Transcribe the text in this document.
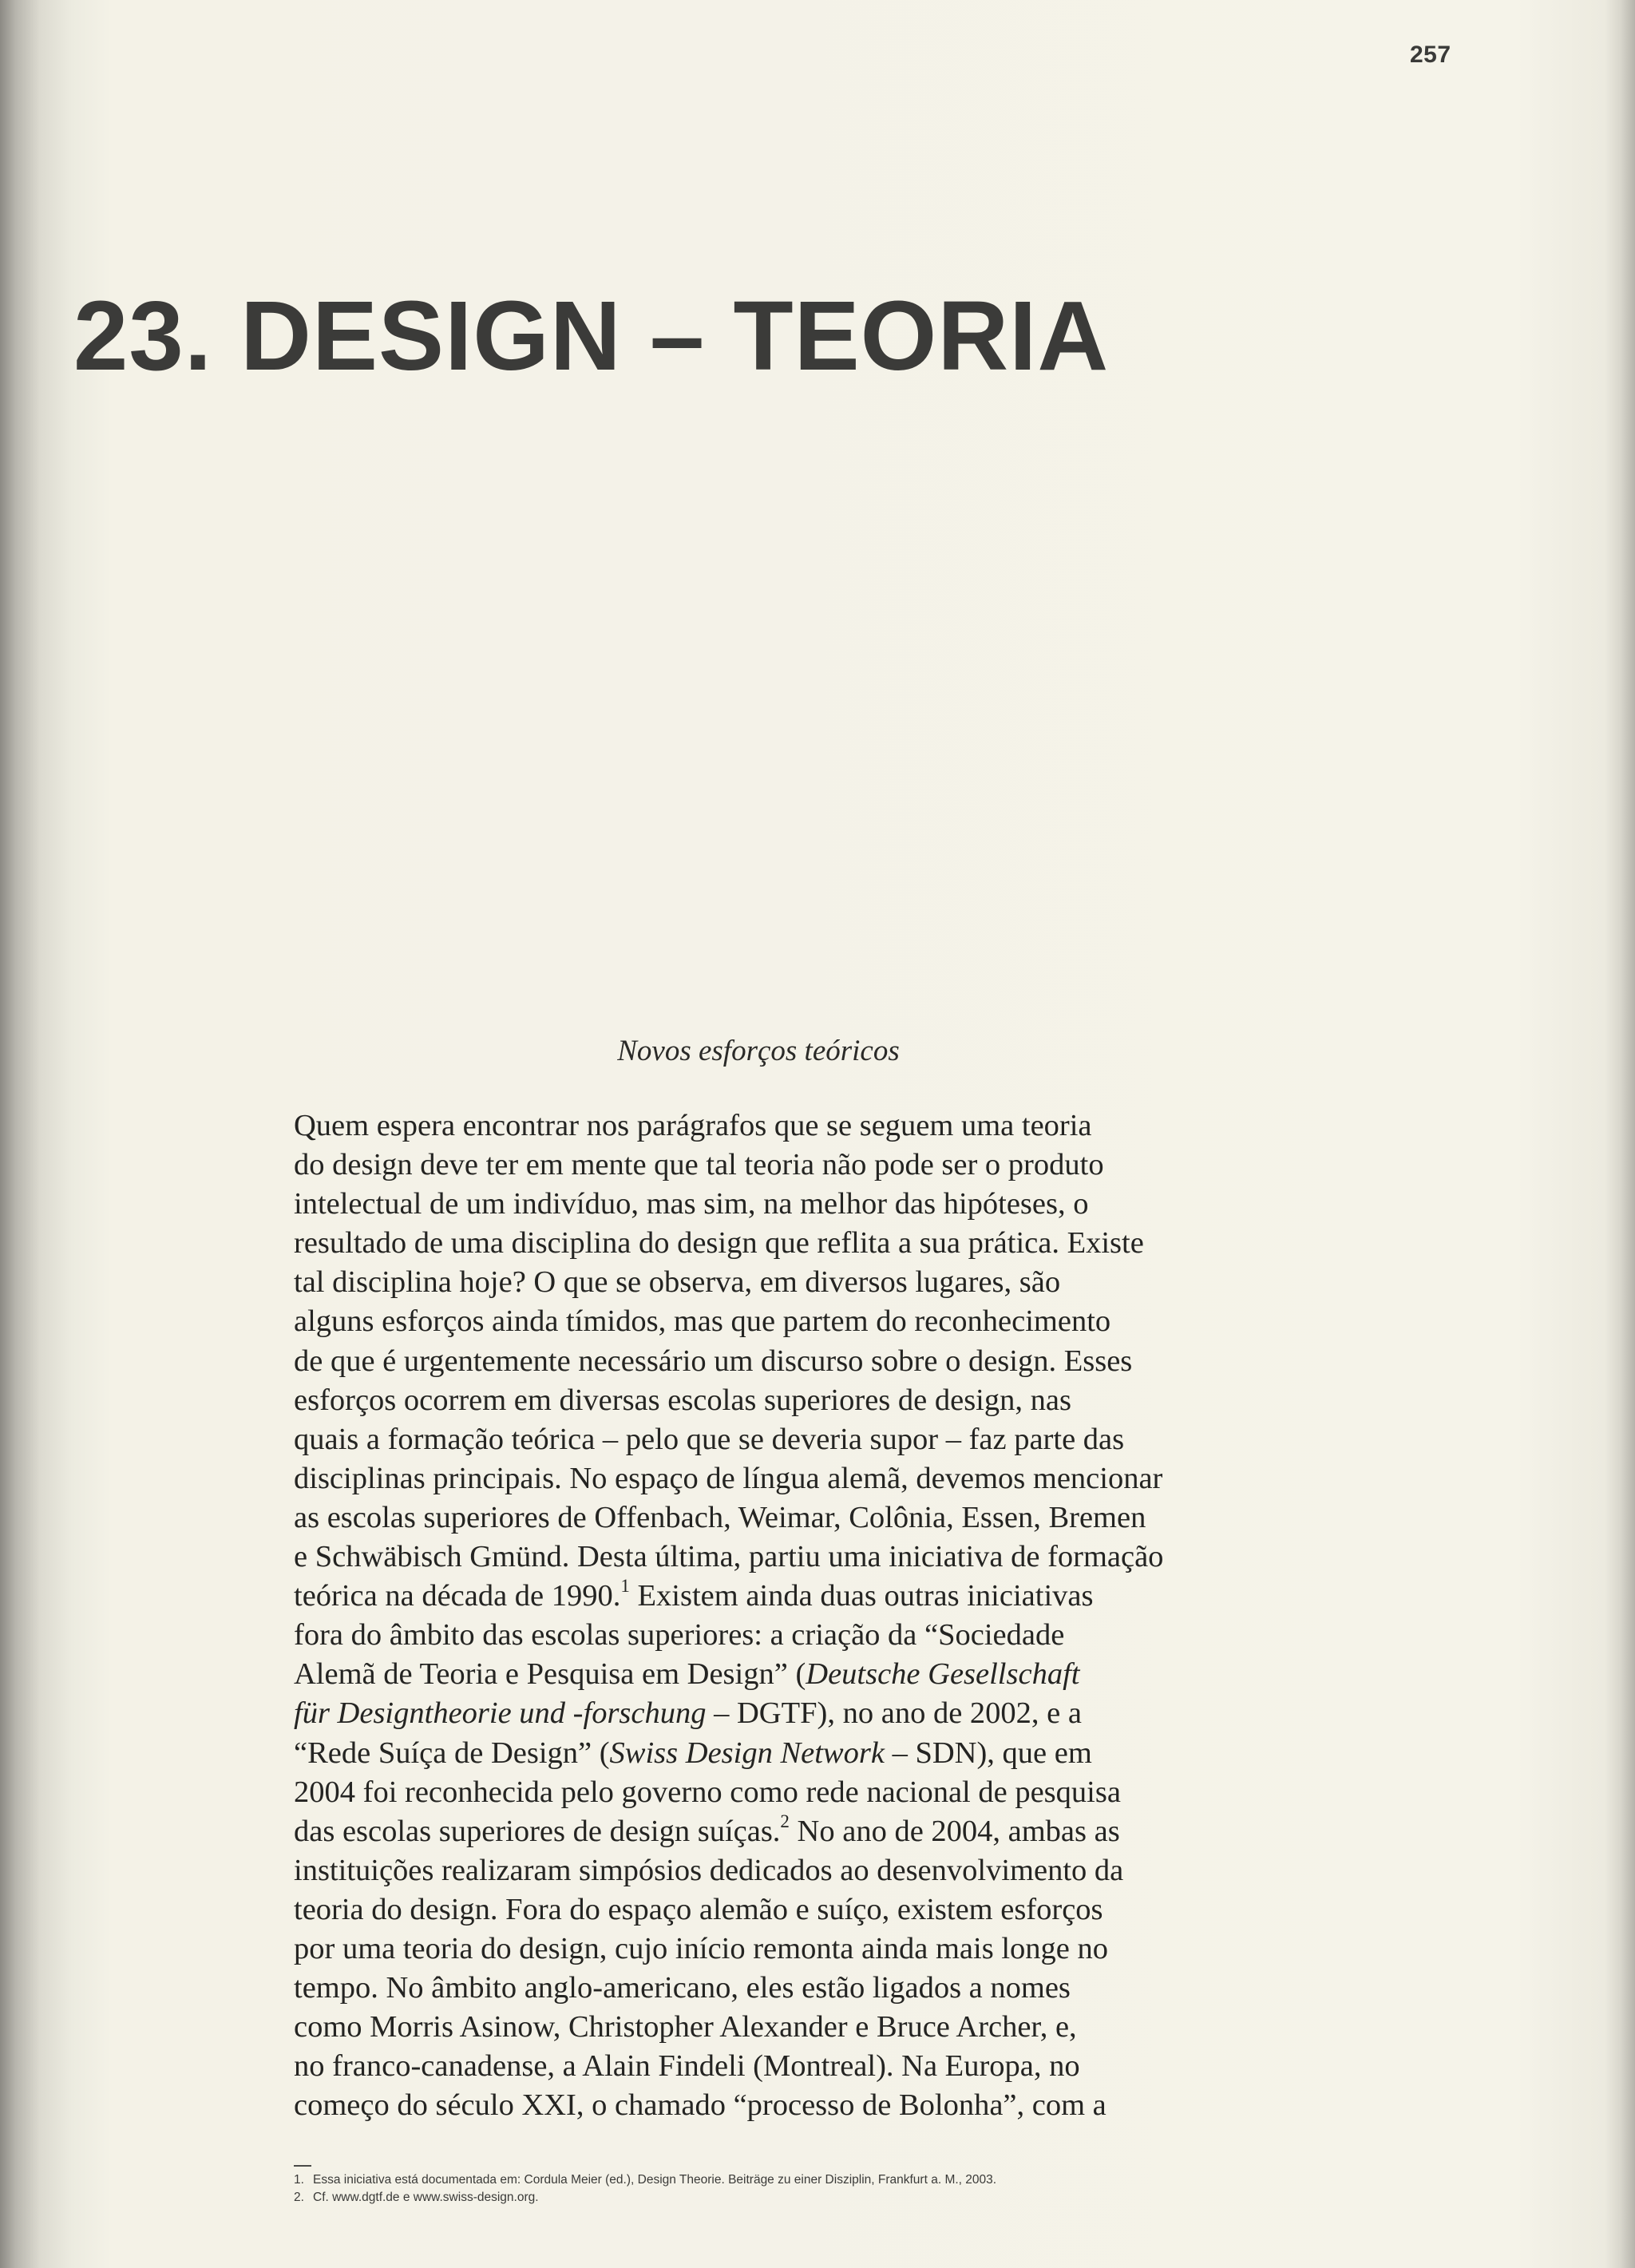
257
23. DESIGN – TEORIA
Novos esforços teóricos
Quem espera encontrar nos parágrafos que se seguem uma teoria
do design deve ter em mente que tal teoria não pode ser o produto
intelectual de um indivíduo, mas sim, na melhor das hipóteses, o
resultado de uma disciplina do design que reflita a sua prática. Existe
tal disciplina hoje? O que se observa, em diversos lugares, são
alguns esforços ainda tímidos, mas que partem do reconhecimento
de que é urgentemente necessário um discurso sobre o design. Esses
esforços ocorrem em diversas escolas superiores de design, nas
quais a formação teórica – pelo que se deveria supor – faz parte das
disciplinas principais. No espaço de língua alemã, devemos mencionar
as escolas superiores de Offenbach, Weimar, Colônia, Essen, Bremen
e Schwäbisch Gmünd. Desta última, partiu uma iniciativa de formação
teórica na década de 1990.$^1$ Existem ainda duas outras iniciativas
fora do âmbito das escolas superiores: a criação da “Sociedade
Alemã de Teoria e Pesquisa em Design” (Deutsche Gesellschaft
für Designtheorie und -forschung – DGTF), no ano de 2002, e a
“Rede Suíça de Design” (Swiss Design Network – SDN), que em
2004 foi reconhecida pelo governo como rede nacional de pesquisa
das escolas superiores de design suíças.$^2$ No ano de 2004, ambas as
instituições realizaram simpósios dedicados ao desenvolvimento da
teoria do design. Fora do espaço alemão e suíço, existem esforços
por uma teoria do design, cujo início remonta ainda mais longe no
tempo. No âmbito anglo-americano, eles estão ligados a nomes
como Morris Asinow, Christopher Alexander e Bruce Archer, e,
no franco-canadense, a Alain Findeli (Montreal). Na Europa, no
começo do século XXI, o chamado “processo de Bolonha”, com a
1. Essa iniciativa está documentada em: Cordula Meier (ed.), Design Theorie. Beiträge zu einer Disziplin, Frankfurt a. M., 2003.
2. Cf. www.dgtf.de e www.swiss-design.org.
